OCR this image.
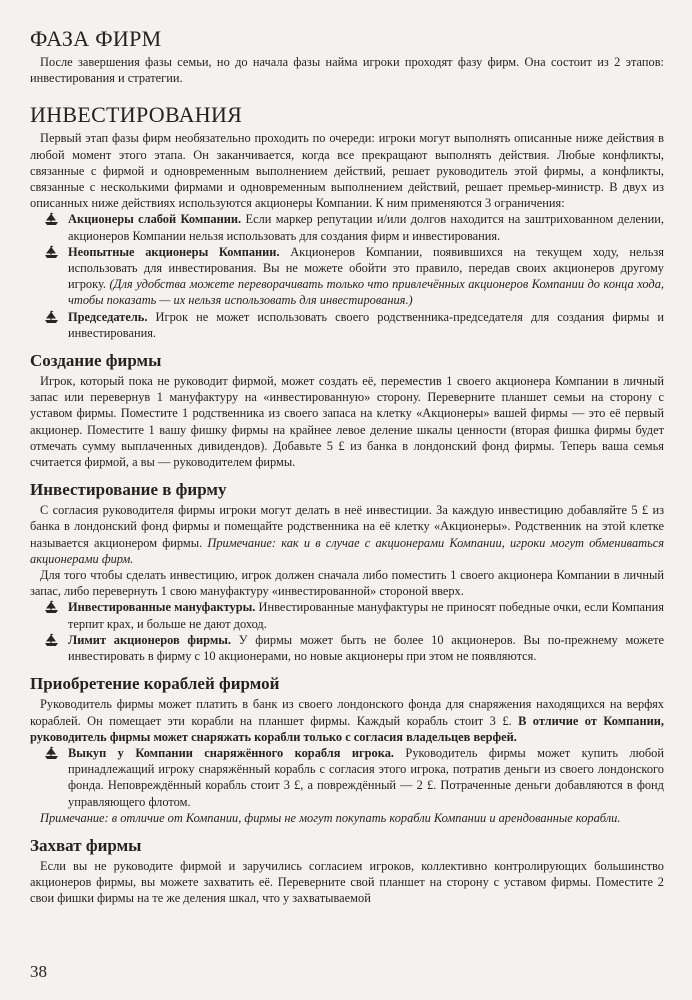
ФАЗА ФИРМ

После завершения фазы семьи, но до начала фазы найма игроки проходят фазу фирм. Она состоит из 2 этапов: инвестирования и стратегии.

ИНВЕСТИРОВАНИЯ

Первый этап фазы фирм необязательно проходить по очереди: игроки могут выполнять описанные ниже действия в любой момент этого этапа. Он заканчивается, когда все прекращают выполнять действия. Любые конфликты, связанные с фирмой и одновременным выполнением действий, решает руководитель этой фирмы, а конфликты, связанные с несколькими фирмами и одновременным выполнением действий, решает премьер-министр. В двух из описанных ниже действиях используются акционеры Компании. К ним применяются 3 ограничения:

Акционеры слабой Компании. Если маркер репутации и/или долгов находится на заштрихованном делении, акционеров Компании нельзя использовать для создания фирм и инвестирования.
Неопытные акционеры Компании. Акционеров Компании, появившихся на текущем ходу, нельзя использовать для инвестирования. Вы не можете обойти это правило, передав своих акционеров другому игроку. (Для удобства можете переворачивать только что привлечённых акционеров Компании до конца хода, чтобы показать — их нельзя использовать для инвестирования.)
Председатель. Игрок не может использовать своего родственника-председателя для создания фирмы и инвестирования.
Создание фирмы

Игрок, который пока не руководит фирмой, может создать её, переместив 1 своего акционера Компании в личный запас или перевернув 1 мануфактуру на «инвестированную» сторону. Переверните планшет семьи на сторону с уставом фирмы. Поместите 1 родственника из своего запаса на клетку «Акционеры» вашей фирмы — это её первый акционер. Поместите 1 вашу фишку фирмы на крайнее левое деление шкалы ценности (вторая фишка фирмы будет отмечать сумму выплаченных дивидендов). Добавьте 5 £ из банка в лондонский фонд фирмы. Теперь ваша семья считается фирмой, а вы — руководителем фирмы.

Инвестирование в фирму

С согласия руководителя фирмы игроки могут делать в неё инвестиции. За каждую инвестицию добавляйте 5 £ из банка в лондонский фонд фирмы и помещайте родственника на её клетку «Акционеры». Родственник на этой клетке называется акционером фирмы. Примечание: как и в случае с акционерами Компании, игроки могут обмениваться акционерами фирм.

Для того чтобы сделать инвестицию, игрок должен сначала либо поместить 1 своего акционера Компании в личный запас, либо перевернуть 1 свою мануфактуру «инвестированной» стороной вверх.

Инвестированные мануфактуры. Инвестированные мануфактуры не приносят победные очки, если Компания терпит крах, и больше не дают доход.
Лимит акционеров фирмы. У фирмы может быть не более 10 акционеров. Вы по-прежнему можете инвестировать в фирму с 10 акционерами, но новые акционеры при этом не появляются.
Приобретение кораблей фирмой

Руководитель фирмы может платить в банк из своего лондонского фонда для снаряжения находящихся на верфях кораблей. Он помещает эти корабли на планшет фирмы. Каждый корабль стоит 3 £. В отличие от Компании, руководитель фирмы может снаряжать корабли только с согласия владельцев верфей.

Выкуп у Компании снаряжённого корабля игрока. Руководитель фирмы может купить любой принадлежащий игроку снаряжённый корабль с согласия этого игрока, потратив деньги из своего лондонского фонда. Неповреждённый корабль стоит 3 £, а повреждённый — 2 £. Потраченные деньги добавляются в фонд управляющего флотом.

Примечание: в отличие от Компании, фирмы не могут покупать корабли Компании и арендованные корабли.

Захват фирмы

Если вы не руководите фирмой и заручились согласием игроков, коллективно контролирующих большинство акционеров фирмы, вы можете захватить её. Переверните свой планшет на сторону с уставом фирмы. Поместите 2 свои фишки фирмы на те же деления шкал, что у захватываемой

38
